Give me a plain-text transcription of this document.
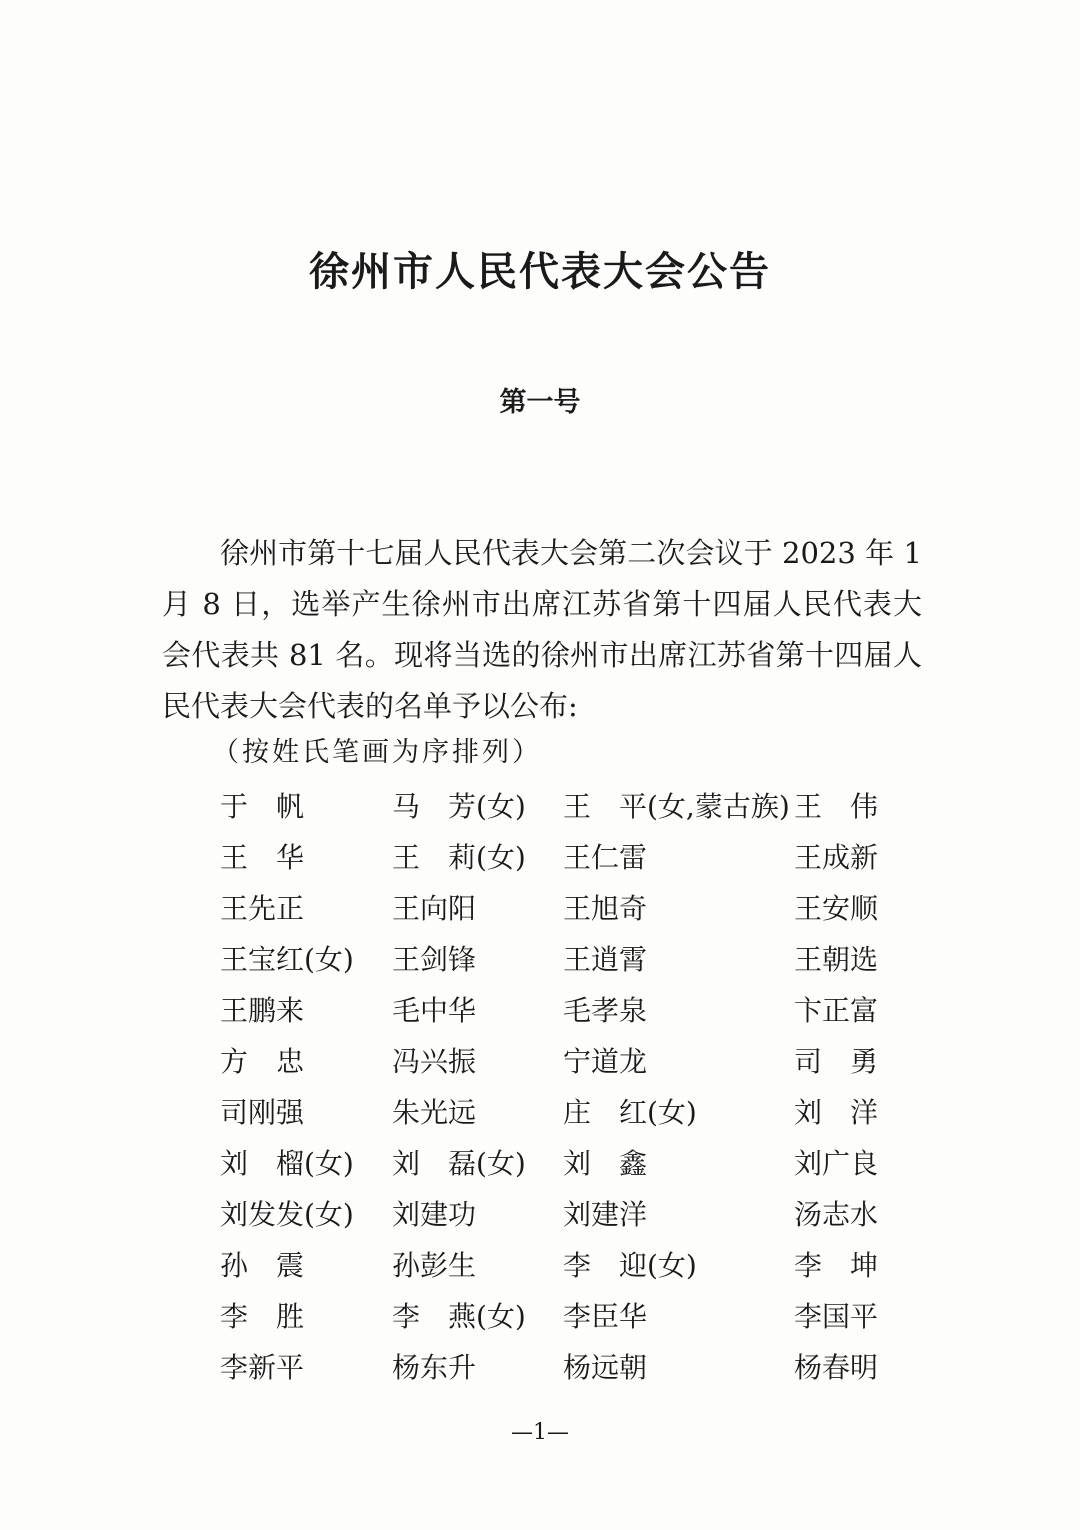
徐州市人民代表大会公告
第一号

徐州市第十七届人民代表大会第二次会议于 2023 年 1 月 8 日，选举产生徐州市出席江苏省第十四届人民代表大会代表共 81 名。现将当选的徐州市出席江苏省第十四届人民代表大会代表的名单予以公布:

（按姓氏笔画为序排列）
于　帆	马　芳(女) 王　平(女,蒙古族) 王　伟
王　华	王　莉(女) 王仁雷	王成新
王先正	王向阳	王旭奇	王安顺
王宝红(女) 王剑锋	王逍霄	王朝选
王鹏来	毛中华	毛孝泉	卞正富
方　忠	冯兴振	宁道龙	司　勇
司刚强	朱光远	庄　红(女)	刘　洋
刘　榴(女) 刘　磊(女) 刘　鑫	刘广良
刘发发(女) 刘建功	刘建洋	汤志水
孙　震	孙彭生	李　迎(女)	李　坤
李　胜	李　燕(女) 李臣华	李国平
李新平	杨东升	杨远朝	杨春明
—1—
